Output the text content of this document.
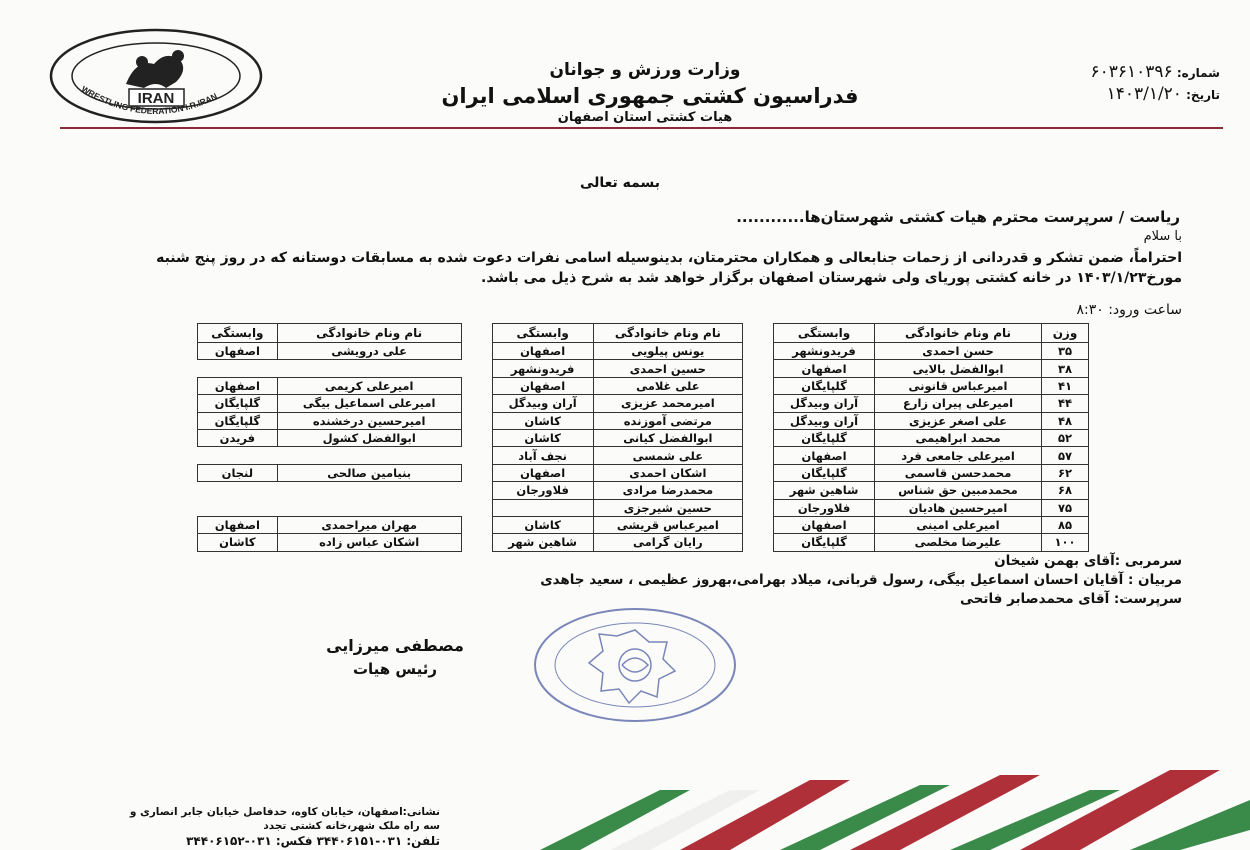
IRAN
WRESTLING FEDERATION I.R.IRAN
وزارت ورزش و جوانان
فدراسیون کشتی جمهوری اسلامی ایران
هیات کشتی استان اصفهان
شماره: ۶۰۳۶۱۰۳۹۶
تاریخ: ۱۴۰۳/۱/۲۰
بسمه تعالی
ریاست / سرپرست محترم هیات کشتی شهرستان‌ها............
با سلام
احتراماً، ضمن تشکر و قدردانی از زحمات جنابعالی و همکاران محترمتان، بدینوسیله اسامی نفرات دعوت شده به مسابقات دوستانه که در روز پنج شنبه مورخ۱۴۰۳/۱/۲۳ در خانه کشتی پوریای ولی شهرستان اصفهان برگزار خواهد شد به شرح ذیل می باشد.
ساعت ورود: ۸:۳۰
وزن	نام ونام خانوادگی	وابستگی		نام ونام خانوادگی	وابستگی		نام ونام خانوادگی	وابستگی
۳۵	حسن احمدی	فریدونشهر		یونس پیلویی	اصفهان		علی درویشی	اصفهان
۳۸	ابوالفضل بالایی	اصفهان		حسین احمدی	فریدونشهر			
۴۱	امیرعباس قانونی	گلپایگان		علی غلامی	اصفهان		امیرعلی کریمی	اصفهان
۴۴	امیرعلی پیران زارع	آران وبیدگل		امیرمحمد عزیزی	آران وبیدگل		امیرعلی اسماعیل بیگی	گلپایگان
۴۸	علی اصغر عزیزی	آران وبیدگل		مرتضی آموزنده	کاشان		امیرحسین درخشنده	گلپایگان
۵۲	محمد ابراهیمی	گلپایگان		ابوالفضل کیانی	کاشان		ابوالفضل کشول	فریدن
۵۷	امیرعلی جامعی فرد	اصفهان		علی شمسی	نجف آباد			
۶۲	محمدحسن قاسمی	گلپایگان		اشکان احمدی	اصفهان		بنیامین صالحی	لنجان
۶۸	محمدمبین حق شناس	شاهین شهر		محمدرضا مرادی	فلاورجان			
۷۵	امیرحسین هادیان	فلاورجان		حسین شیرجزی				
۸۵	امیرعلی امینی	اصفهان		امیرعباس قریشی	کاشان		مهران میراحمدی	اصفهان
۱۰۰	علیرضا مخلصی	گلپایگان		رایان گرامی	شاهین شهر		اشکان عباس زاده	کاشان
سرمربی :آقای بهمن شیخان
مربیان : آقایان احسان اسماعیل بیگی، رسول قربانی، میلاد بهرامی،بهروز عظیمی ، سعید جاهدی
سرپرست: آقای محمدصابر فاتحی
مصطفی میرزایی
رئیس هیات
نشانی:اصفهان، خیابان کاوه، حدفاصل خیابان جابر انصاری و
سه راه ملک شهر،خانه کشتی تجدد
تلفن: ۰۳۱-۳۴۴۰۶۱۵۱ فکس: ۰۳۱-۳۴۴۰۶۱۵۲
